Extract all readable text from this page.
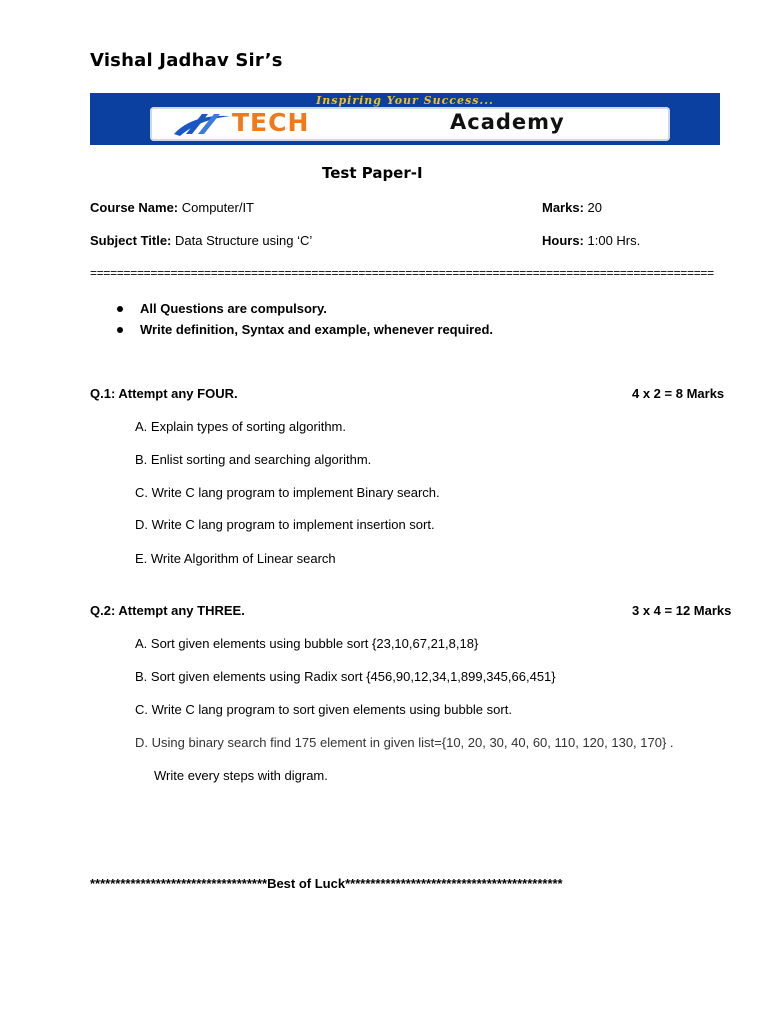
Vishal Jadhav Sir’s
Inspiring Your Success...
TECH	Academy
Test Paper-I
Course Name: Computer/IT	Marks: 20
Subject Title: Data Structure using ‘C’	Hours: 1:00 Hrs.
=============================================================================================
All Questions are compulsory.
Write definition, Syntax and example, whenever required.
Q.1: Attempt any FOUR.	4 x 2 = 8 Marks
A. Explain types of sorting algorithm.
B. Enlist sorting and searching algorithm.
C. Write C lang program to implement Binary search.
D. Write C lang program to implement insertion sort.
E. Write Algorithm of Linear search
Q.2: Attempt any THREE.	3 x 4 = 12 Marks
A. Sort given elements using bubble sort {23,10,67,21,8,18}
B. Sort given elements using Radix sort {456,90,12,34,1,899,345,66,451}
C. Write C lang program to sort given elements using bubble sort.
D. Using binary search find 175 element in given list={10, 20, 30, 40, 60, 110, 120, 130, 170} .
Write every steps with digram.
***********************************Best of Luck*******************************************
